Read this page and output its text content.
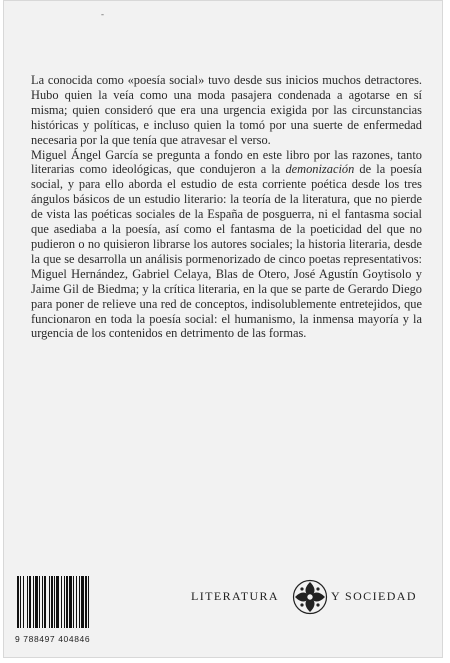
-

La conocida como «poesía social» tuvo desde sus inicios muchos detractores. Hubo quien la veía como una moda pasajera condenada a agotarse en sí misma; quien consideró que era una urgencia exigida por las circunstancias históricas y políticas, e incluso quien la tomó por una suerte de enfermedad necesaria por la que tenía que atravesar el verso.

Miguel Ángel García se pregunta a fondo en este libro por las razones, tanto literarias como ideológicas, que condujeron a la demonización de la poesía social, y para ello aborda el estudio de esta corriente poética desde los tres ángulos básicos de un estudio literario: la teoría de la literatura, que no pierde de vista las poéticas sociales de la España de posguerra, ni el fantasma social que asediaba a la poesía, así como el fantasma de la poeticidad del que no pudieron o no quisieron librarse los autores sociales; la historia literaria, desde la que se desarrolla un análisis pormenorizado de cinco poetas representativos: Miguel Hernández, Gabriel Celaya, Blas de Otero, José Agustín Goytisolo y Jaime Gil de Biedma; y la crítica literaria, en la que se parte de Gerardo Diego para poner de relieve una red de conceptos, indisolublemente entretejidos, que funcionaron en toda la poesía social: el humanismo, la inmensa mayoría y la urgencia de los contenidos en detrimento de las formas.

9 788497 404846
LITERATURA	Y SOCIEDAD
